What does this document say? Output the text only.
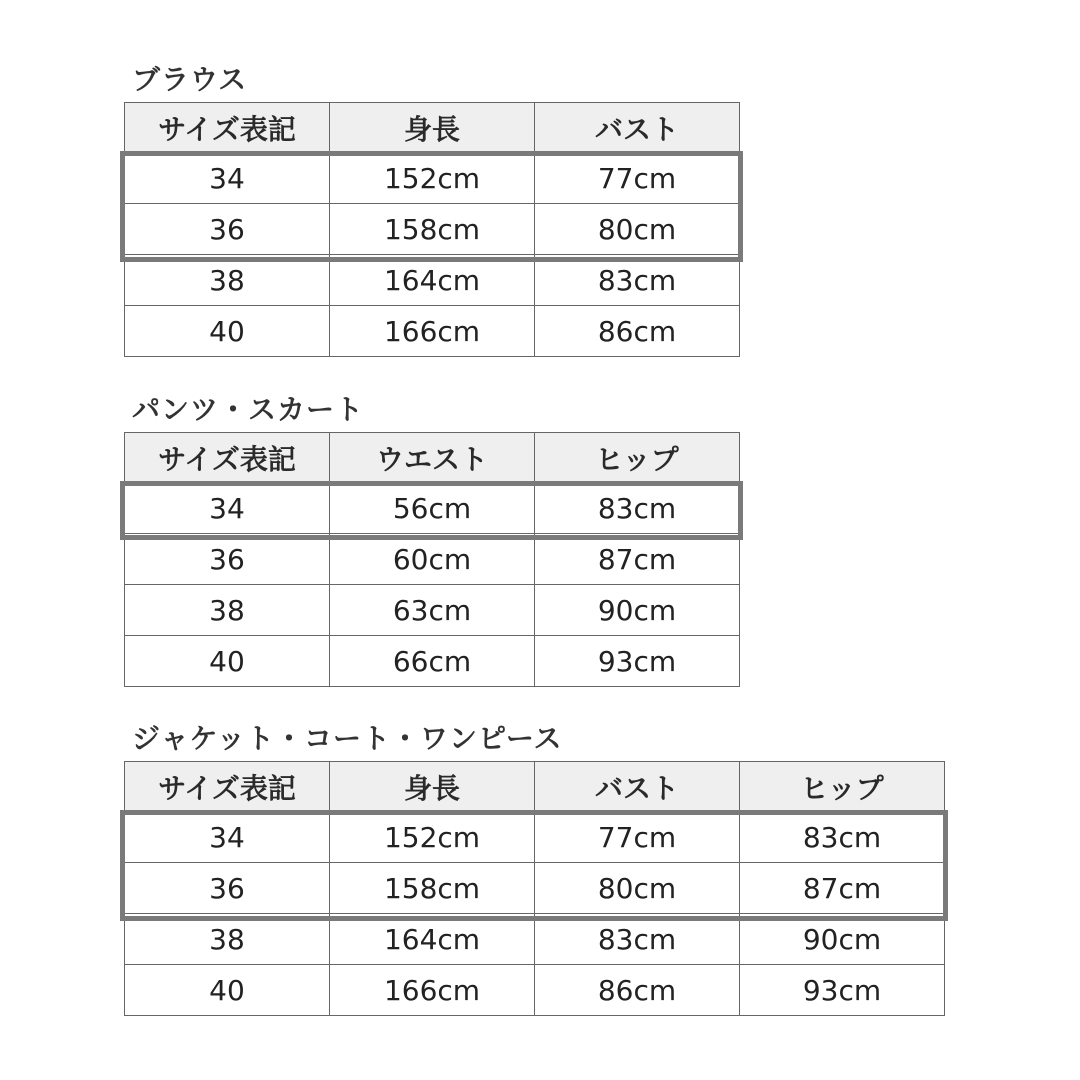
ブラウス
サイズ表記	身長	バスト
34	152cm	77cm
36	158cm	80cm
38	164cm	83cm
40	166cm	86cm
パンツ・スカート
サイズ表記	ウエスト	ヒップ
34	56cm	83cm
36	60cm	87cm
38	63cm	90cm
40	66cm	93cm
ジャケット・コート・ワンピース
サイズ表記	身長	バスト	ヒップ
34	152cm	77cm	83cm
36	158cm	80cm	87cm
38	164cm	83cm	90cm
40	166cm	86cm	93cm
